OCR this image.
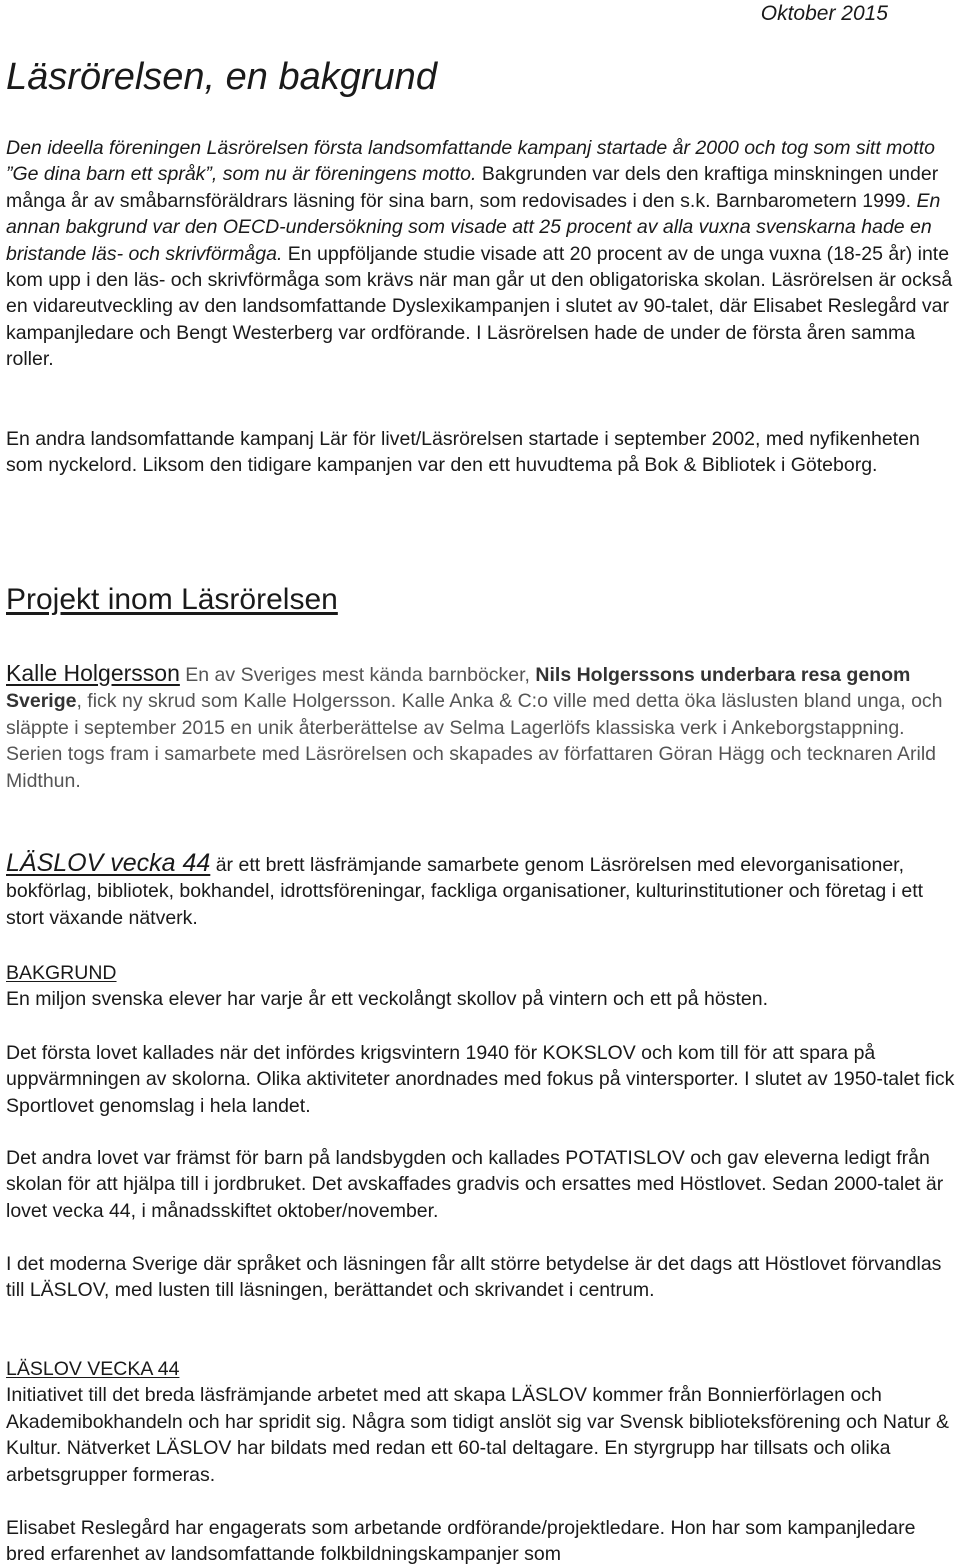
Oktober 2015

Läsrörelsen, en bakgrund

Den ideella föreningen Läsrörelsen första landsomfattande kampanj startade år 2000 och tog som sitt motto ”Ge dina barn ett språk”, som nu är föreningens motto. Bakgrunden var dels den kraftiga minskningen under många år av småbarnsföräldrars läsning för sina barn, som redovisades i den s.k. Barnbarometern 1999. En annan bakgrund var den OECD-undersökning som visade att 25 procent av alla vuxna svenskarna hade en bristande läs- och skrivförmåga. En uppföljande studie visade att 20 procent av de unga vuxna (18-25 år) inte kom upp i den läs- och skrivförmåga som krävs när man går ut den obligatoriska skolan. Läsrörelsen är också en vidareutveckling av den landsomfattande Dyslexikampanjen i slutet av 90-talet, där Elisabet Reslegård var kampanjledare och Bengt Westerberg var ordförande. I Läsrörelsen hade de under de första åren samma roller.

En andra landsomfattande kampanj Lär för livet/Läsrörelsen startade i september 2002, med nyfikenheten som nyckelord. Liksom den tidigare kampanjen var den ett huvudtema på Bok & Bibliotek i Göteborg.

Projekt inom Läsrörelsen

Kalle Holgersson En av Sveriges mest kända barnböcker, Nils Holgerssons underbara resa genom Sverige, fick ny skrud som Kalle Holgersson. Kalle Anka & C:o ville med detta öka läslusten bland unga, och släppte i september 2015 en unik återberättelse av Selma Lagerlöfs klassiska verk i Ankeborgstappning. Serien togs fram i samarbete med Läsrörelsen och skapades av författaren Göran Hägg och tecknaren Arild Midthun.

LÄSLOV vecka 44 är ett brett läsfrämjande samarbete genom Läsrörelsen med elevorganisationer, bokförlag, bibliotek, bokhandel, idrottsföreningar, fackliga organisationer, kulturinstitutioner och företag i ett stort växande nätverk.

BAKGRUND

En miljon svenska elever har varje år ett veckolångt skollov på vintern och ett på hösten.

Det första lovet kallades när det infördes krigsvintern 1940 för KOKSLOV och kom till för att spara på uppvärmningen av skolorna. Olika aktiviteter anordnades med fokus på vintersporter. I slutet av 1950-talet fick Sportlovet genomslag i hela landet.

Det andra lovet var främst för barn på landsbygden och kallades POTATISLOV och gav eleverna ledigt från skolan för att hjälpa till i jordbruket. Det avskaffades gradvis och ersattes med Höstlovet. Sedan 2000-talet är lovet vecka 44, i månadsskiftet oktober/november.

I det moderna Sverige där språket och läsningen får allt större betydelse är det dags att Höstlovet förvandlas till LÄSLOV, med lusten till läsningen, berättandet och skrivandet i centrum.

LÄSLOV VECKA 44

Initiativet till det breda läsfrämjande arbetet med att skapa LÄSLOV kommer från Bonnierförlagen och Akademibokhandeln och har spridit sig. Några som tidigt anslöt sig var Svensk biblioteksförening och Natur & Kultur. Nätverket LÄSLOV har bildats med redan ett 60-tal deltagare. En styrgrupp har tillsats och olika arbetsgrupper formeras.

Elisabet Reslegård har engagerats som arbetande ordförande/projektledare. Hon har som kampanjledare bred erfarenhet av landsomfattande folkbildningskampanjer som
